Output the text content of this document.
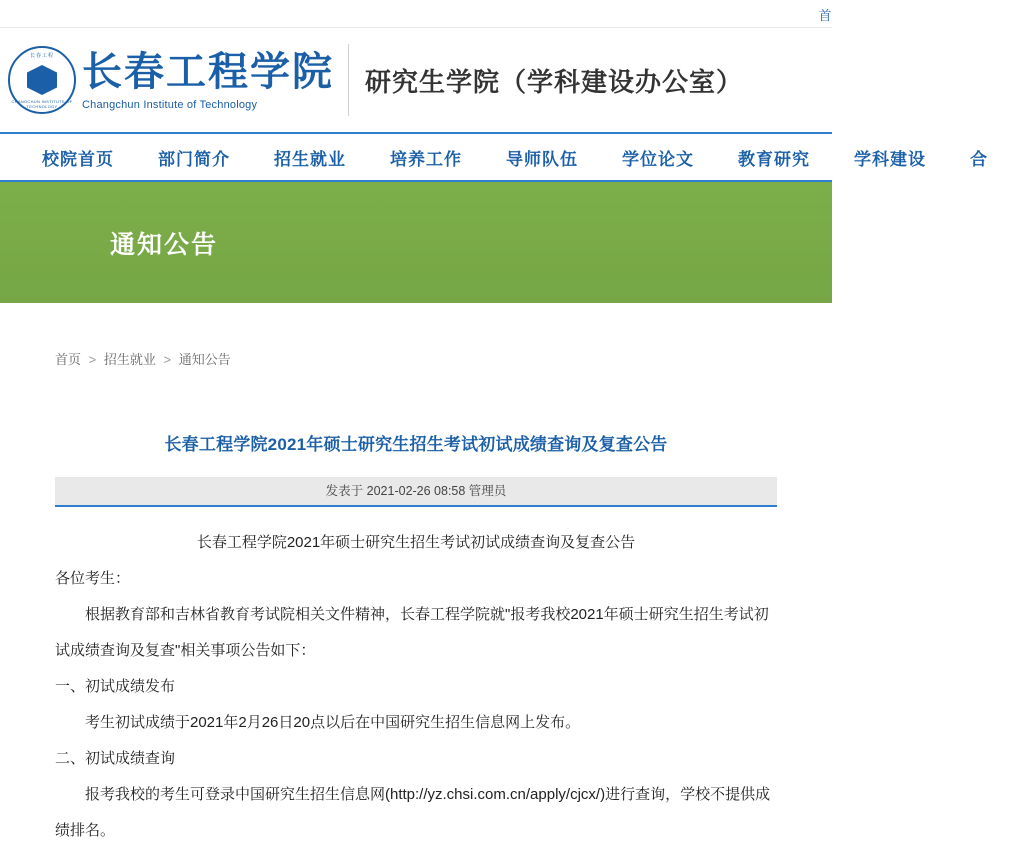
首
长春工程
CHANGCHUN INSTITUTE OF TECHNOLOGY
长春工程学院
Changchun Institute of Technology
研究生学院（学科建设办公室）
校院首页	部门简介	招生就业	培养工作	导师队伍	学位论文	教育研究	学科建设	合
通知公告
首页 > 招生就业 > 通知公告
长春工程学院2021年硕士研究生招生考试初试成绩查询及复查公告
发表于 2021-02-26 08:58 管理员

长春工程学院2021年硕士研究生招生考试初试成绩查询及复查公告

各位考生：

根据教育部和吉林省教育考试院相关文件精神，长春工程学院就"报考我校2021年硕士研究生招生考试初试成绩查询及复查"相关事项公告如下：

一、初试成绩发布

考生初试成绩于2021年2月26日20点以后在中国研究生招生信息网上发布。

二、初试成绩查询

报考我校的考生可登录中国研究生招生信息网(http://yz.chsi.com.cn/apply/cjcx/)进行查询，学校不提供成绩排名。
